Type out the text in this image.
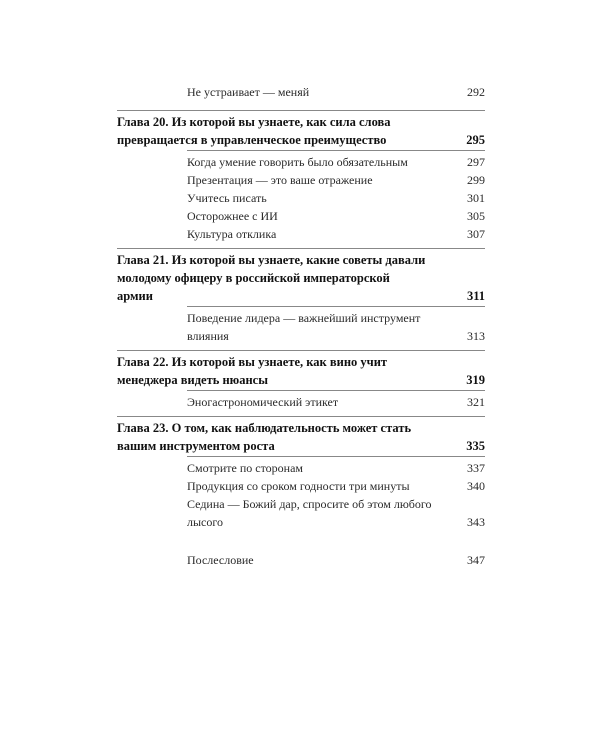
Не устраивает — меняй	292
Глава 20. Из которой вы узнаете, как сила слова превращается в управленческое преимущество	295
Когда умение говорить было обязательным	297
Презентация — это ваше отражение	299
Учитесь писать	301
Осторожнее с ИИ	305
Культура отклика	307
Глава 21. Из которой вы узнаете, какие советы давали молодому офицеру в российской императорской армии	311
Поведение лидера — важнейший инструмент влияния	313
Глава 22. Из которой вы узнаете, как вино учит менеджера видеть нюансы	319
Эногастрономический этикет	321
Глава 23. О том, как наблюдательность может стать вашим инструментом роста	335
Смотрите по сторонам	337
Продукция со сроком годности три минуты	340
Седина — Божий дар, спросите об этом любого лысого	343
Послесловие	347
